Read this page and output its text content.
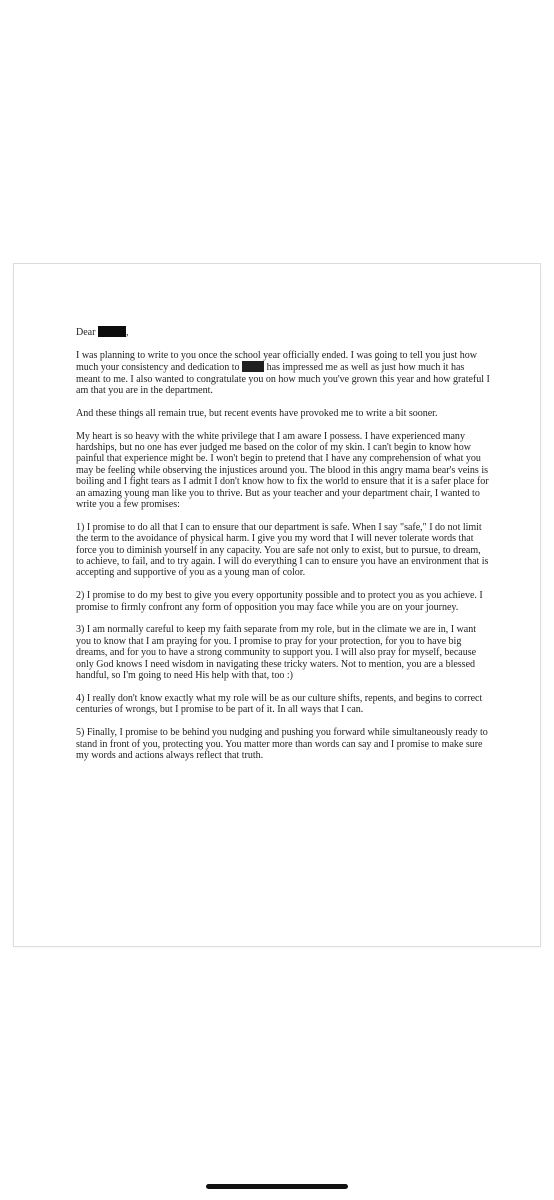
Dear	,

I was planning to write to you once the school year officially ended. I was going to tell you just how much your consistency and dedication to	has impressed me as well as just how much it has meant to me. I also wanted to congratulate you on how much you've grown this year and how grateful I am that you are in the department.

And these things all remain true, but recent events have provoked me to write a bit sooner.

My heart is so heavy with the white privilege that I am aware I possess. I have experienced many hardships, but no one has ever judged me based on the color of my skin. I can't begin to know how painful that experience might be. I won't begin to pretend that I have any comprehension of what you may be feeling while observing the injustices around you. The blood in this angry mama bear's veins is boiling and I fight tears as I admit I don't know how to fix the world to ensure that it is a safer place for an amazing young man like you to thrive. But as your teacher and your department chair, I wanted to write you a few promises:

1) I promise to do all that I can to ensure that our department is safe. When I say "safe," I do not limit the term to the avoidance of physical harm. I give you my word that I will never tolerate words that force you to diminish yourself in any capacity. You are safe not only to exist, but to pursue, to dream, to achieve, to fail, and to try again. I will do everything I can to ensure you have an environment that is accepting and supportive of you as a young man of color.

2) I promise to do my best to give you every opportunity possible and to protect you as you achieve. I promise to firmly confront any form of opposition you may face while you are on your journey.

3) I am normally careful to keep my faith separate from my role, but in the climate we are in, I want you to know that I am praying for you. I promise to pray for your protection, for you to have big dreams, and for you to have a strong community to support you. I will also pray for myself, because only God knows I need wisdom in navigating these tricky waters. Not to mention, you are a blessed handful, so I'm going to need His help with that, too :)

4) I really don't know exactly what my role will be as our culture shifts, repents, and begins to correct centuries of wrongs, but I promise to be part of it. In all ways that I can.

5) Finally, I promise to be behind you nudging and pushing you forward while simultaneously ready to stand in front of you, protecting you. You matter more than words can say and I promise to make sure my words and actions always reflect that truth.
